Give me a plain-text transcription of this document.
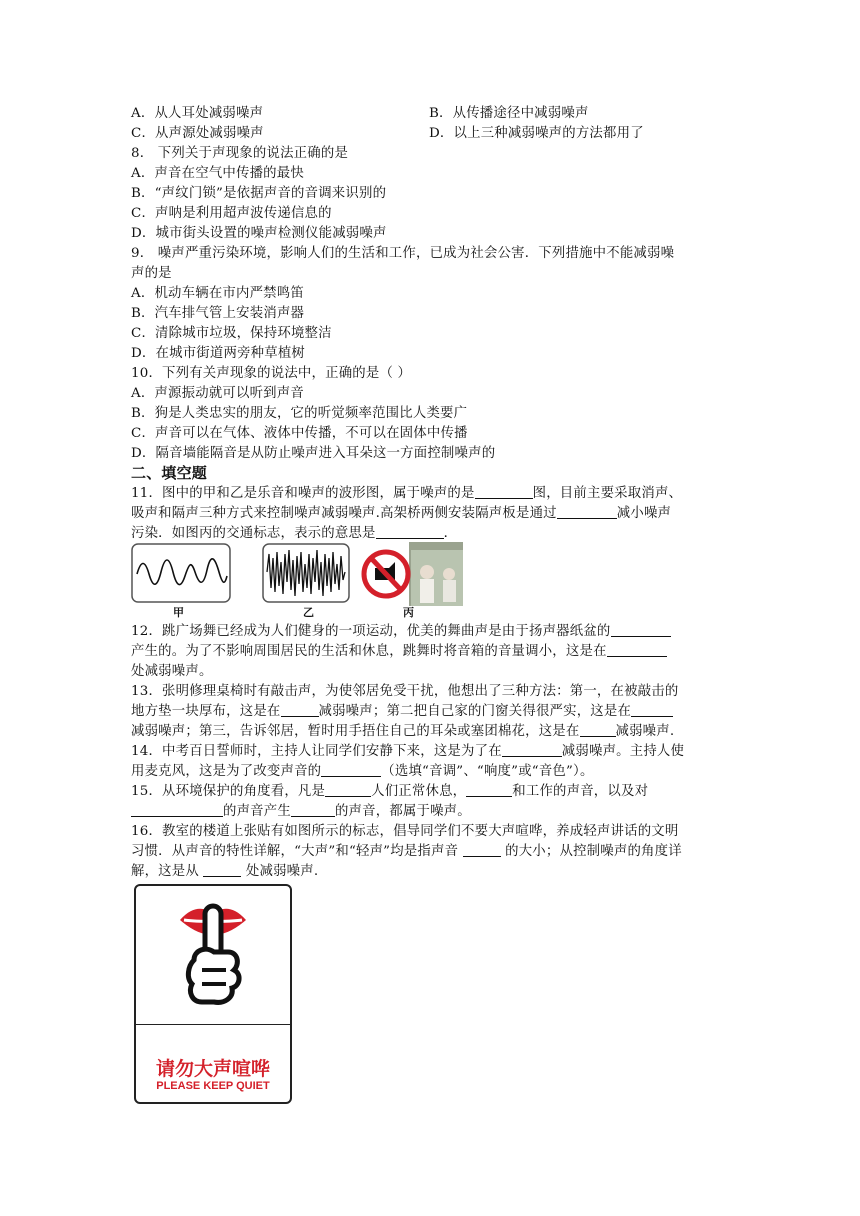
A．从人耳处减弱噪声	B．从传播途径中减弱噪声
C．从声源处减弱噪声	D．以上三种减弱噪声的方法都用了
8． 下列关于声现象的说法正确的是
A．声音在空气中传播的最快
B．“声纹门锁”是依据声音的音调来识别的
C．声呐是利用超声波传递信息的
D．城市街头设置的噪声检测仪能减弱噪声
9． 噪声严重污染环境，影响人们的生活和工作，已成为社会公害．下列措施中不能减弱噪
声的是
A．机动车辆在市内严禁鸣笛
B．汽车排气管上安装消声器
C．清除城市垃圾，保持环境整洁
D．在城市街道两旁种草植树
10．下列有关声现象的说法中，正确的是（ ）
A．声源振动就可以听到声音
B．狗是人类忠实的朋友，它的听觉频率范围比人类要广
C．声音可以在气体、液体中传播，不可以在固体中传播
D．隔音墙能隔音是从防止噪声进入耳朵这一方面控制噪声的
二、填空题
11．图中的甲和乙是乐音和噪声的波形图，属于噪声的是	图，目前主要采取消声、
吸声和隔声三种方式来控制噪声减弱噪声.高架桥两侧安装隔声板是通过	减小噪声
污染．如图丙的交通标志，表示的意思是	．
甲	乙	丙
12．跳广场舞已经成为人们健身的一项运动，优美的舞曲声是由于扬声器纸盆的
产生的。为了不影响周围居民的生活和休息，跳舞时将音箱的音量调小，这是在
处减弱噪声。
13．张明修理桌椅时有敲击声，为使邻居免受干扰，他想出了三种方法：第一，在被敲击的
地方垫一块厚布，这是在	减弱噪声；第二把自己家的门窗关得很严实，这是在
减弱噪声；第三，告诉邻居，暂时用手捂住自己的耳朵或塞团棉花，这是在	减弱噪声.
14．中考百日誓师时，主持人让同学们安静下来，这是为了在	减弱噪声。主持人使
用麦克风，这是为了改变声音的	（选填“音调”、“响度”或“音色”）。
15．从环境保护的角度看，凡是	人们正常休息，	和工作的声音，以及对
的声音产生	的声音，都属于噪声。
16．教室的楼道上张贴有如图所示的标志，倡导同学们不要大声喧哗，养成轻声讲话的文明
习惯．从声音的特性详解，“大声”和“轻声”均是指声音	的大小；从控制噪声的角度详
解，这是从	处减弱噪声.
请勿大声喧哗
PLEASE KEEP QUIET
